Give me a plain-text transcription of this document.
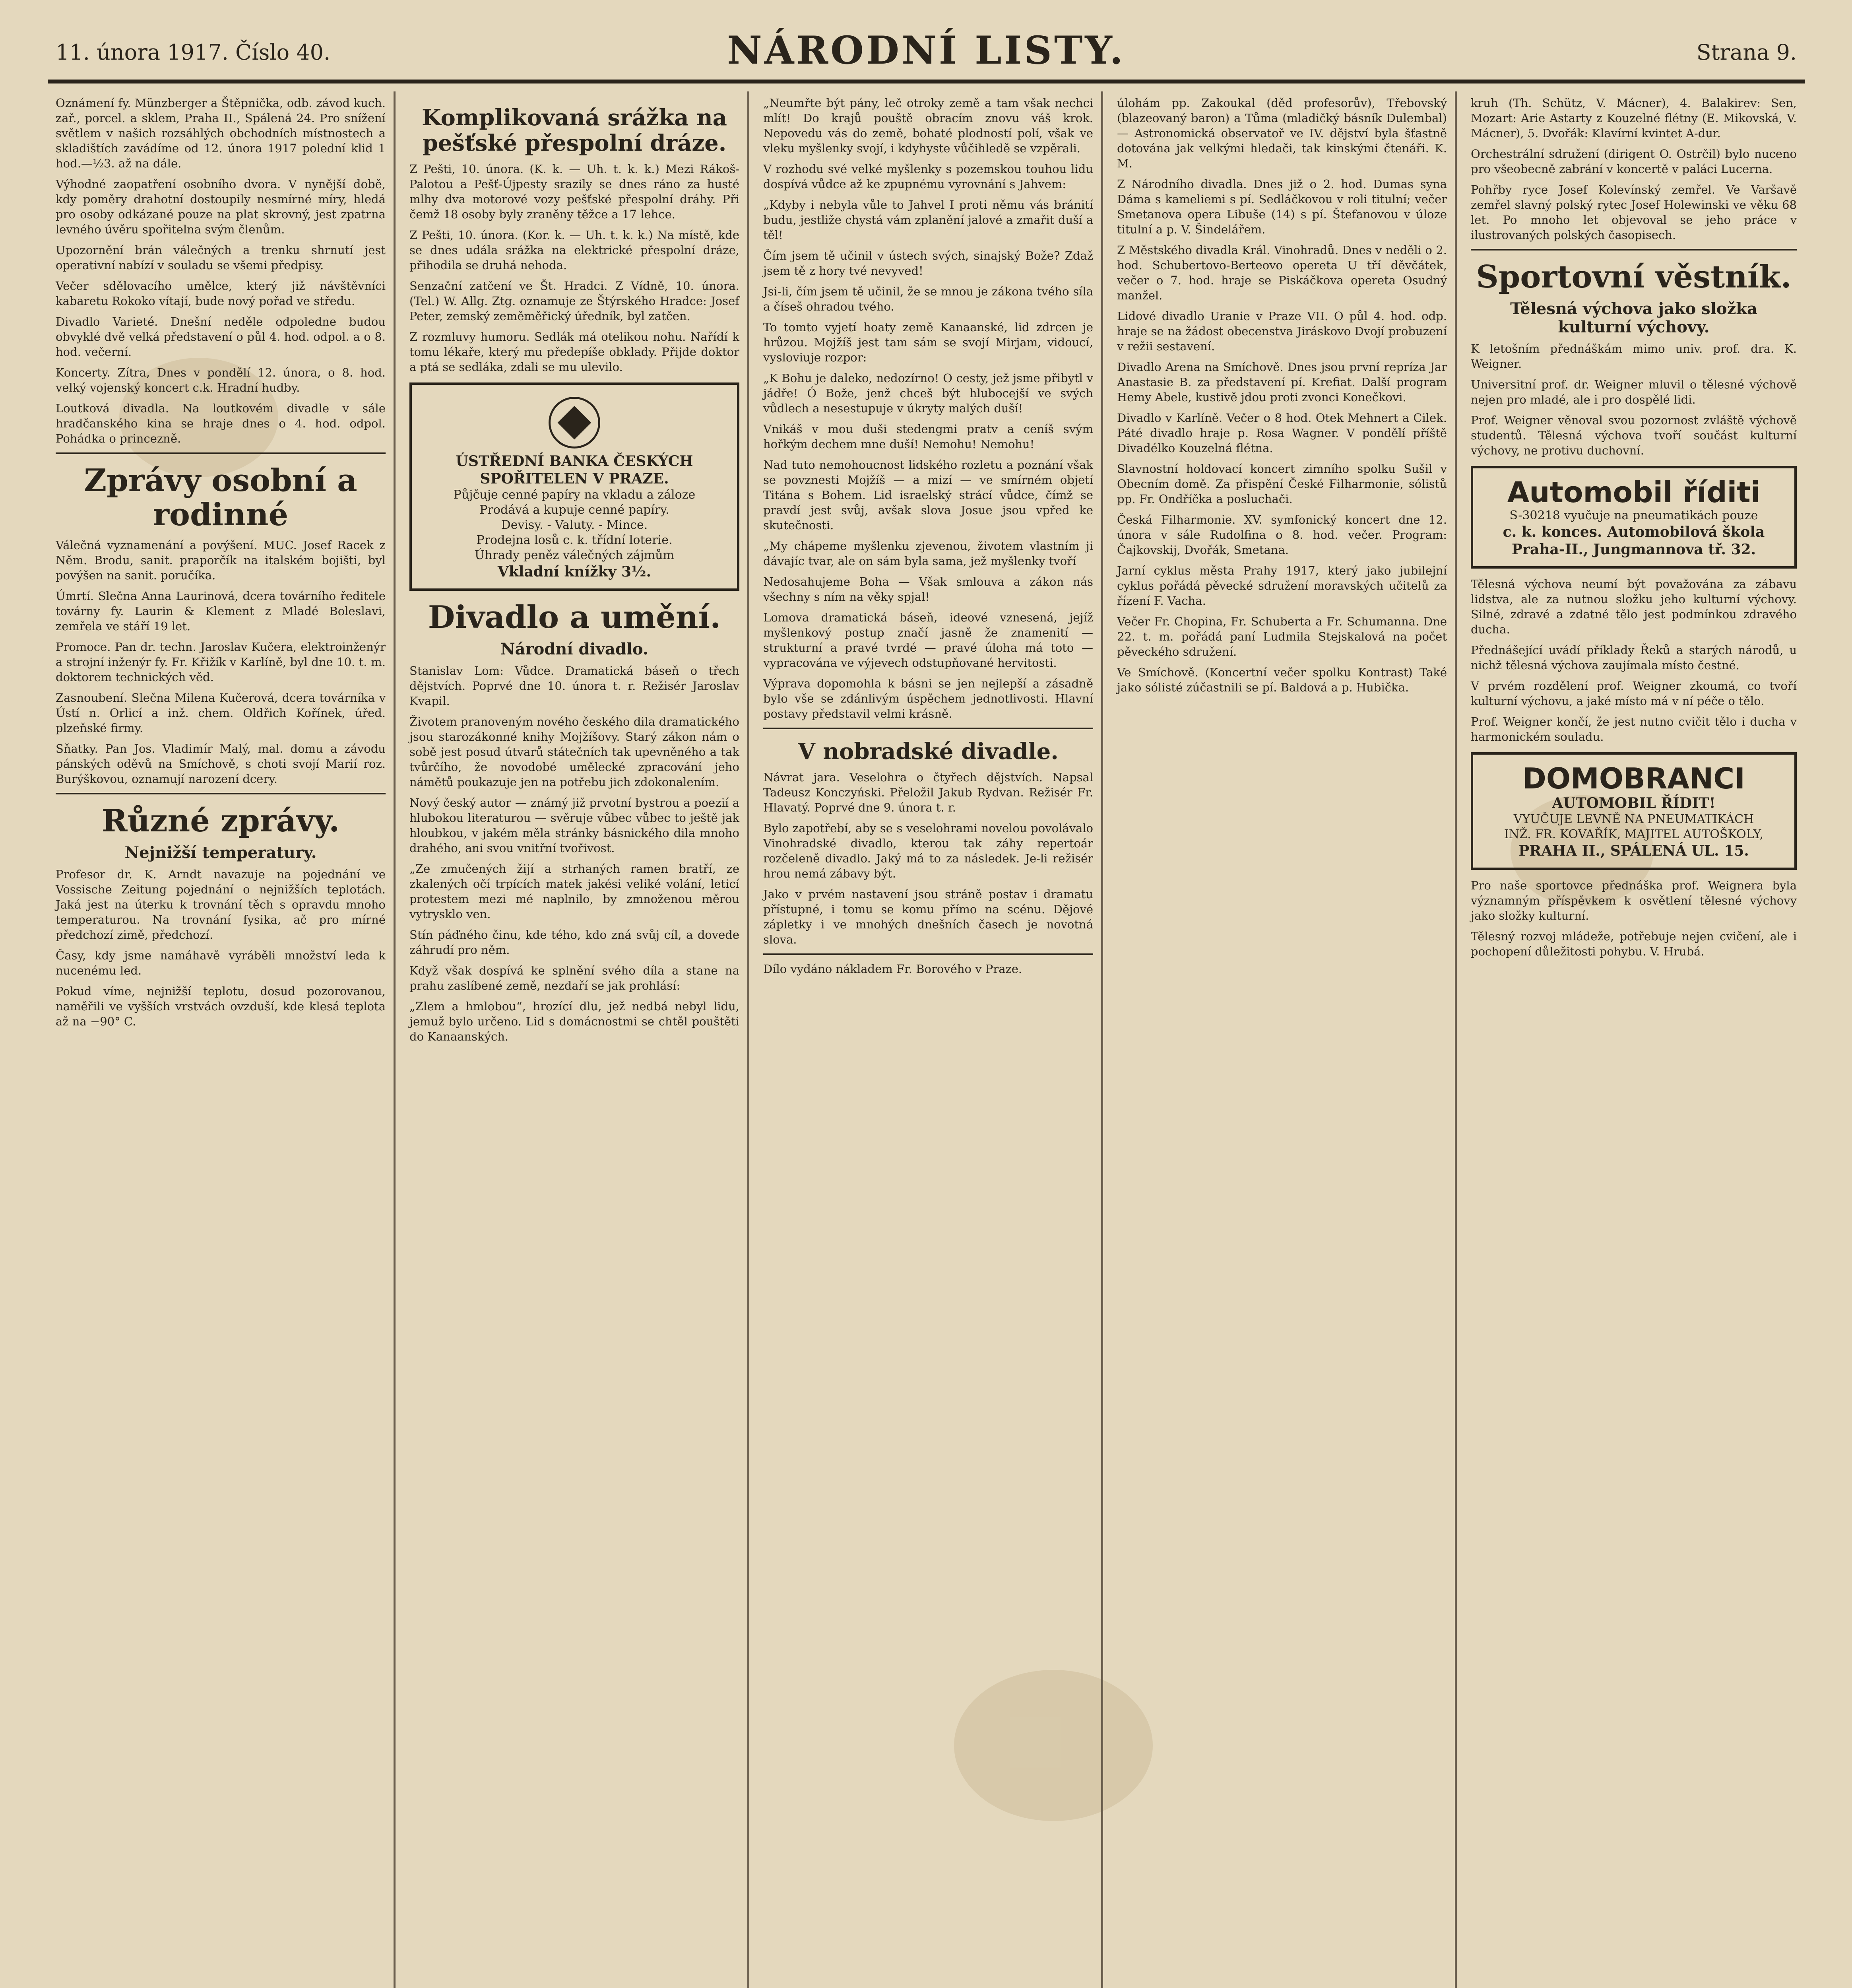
11. února 1917. Číslo 40.	NÁRODNÍ LISTY.	Strana 9.

Oznámení fy. Münzberger a Štěpnička, odb. závod kuch. zař., porcel. a sklem, Praha II., Spálená 24. Pro snížení světlem v našich rozsáhlých obchodních místnostech a skladištích zavádíme od 12. února 1917 polední klid 1 hod.—½3. až na dále.

Výhodné zaopatření osobního dvora. V nynější době, kdy poměry drahotní dostoupily nesmírné míry, hledá pro osoby odkázané pouze na plat skrovný, jest zpatrna levného úvěru spořitelna svým členům.

Upozornění brán válečných a trenku shrnutí jest operativní nabízí v souladu se všemi předpisy.

Večer sdělovacího umělce, který již návštěvníci kabaretu Rokoko vítají, bude nový pořad ve středu.

Divadlo Varieté. Dnešní neděle odpoledne budou obvyklé dvě velká představení o půl 4. hod. odpol. a o 8. hod. večerní.

Koncerty. Zítra, Dnes v pondělí 12. února, o 8. hod. velký vojenský koncert c.k. Hradní hudby.

Loutková divadla. Na loutkovém divadle v sále hradčanského kina se hraje dnes o 4. hod. odpol. Pohádka o princezně.

Zprávy osobní a rodinné

Válečná vyznamenání a povýšení. MUC. Josef Racek z Něm. Brodu, sanit. praporčík na italském bojišti, byl povýšen na sanit. poručíka.

Úmrtí. Slečna Anna Laurinová, dcera továrního ředitele továrny fy. Laurin & Klement z Mladé Boleslavi, zemřela ve stáří 19 let.

Promoce. Pan dr. techn. Jaroslav Kučera, elektroinženýr a strojní inženýr fy. Fr. Křižík v Karlíně, byl dne 10. t. m. doktorem technických věd.

Zasnoubení. Slečna Milena Kučerová, dcera továrníka v Ústí n. Orlicí a inž. chem. Oldřich Kořínek, úřed. plzeňské firmy.

Sňatky. Pan Jos. Vladimír Malý, mal. domu a závodu pánských oděvů na Smíchově, s choti svojí Marií roz. Burýškovou, oznamují narození dcery.

Různé zprávy.
Nejnižší temperatury.

Profesor dr. K. Arndt navazuje na pojednání ve Vossische Zeitung pojednání o nejnižších teplotách. Jaká jest na úterku k trovnání těch s opravdu mnoho temperaturou. Na trovnání fysika, ač pro mírné předchozí zimě, předchozí.

Časy, kdy jsme namáhavě vyráběli množství leda k nucenému led.

Pokud víme, nejnižší teplotu, dosud pozorovanou, naměřili ve vyšších vrstvách ovzduší, kde klesá teplota až na −90° C.

Komplikovaná srážka na pešťské přespolní dráze.

Z Pešti, 10. února. (K. k. — Uh. t. k. k.) Mezi Rákoš-Palotou a Pešť-Újpesty srazily se dnes ráno za husté mlhy dva motorové vozy pešťské přespolní dráhy. Při čemž 18 osoby byly zraněny těžce a 17 lehce.

Z Pešti, 10. února. (Kor. k. — Uh. t. k. k.) Na místě, kde se dnes udála srážka na elektrické přespolní dráze, přihodila se druhá nehoda.

Senzační zatčení ve Št. Hradci. Z Vídně, 10. února. (Tel.) W. Allg. Ztg. oznamuje ze Štýrského Hradce: Josef Peter, zemský zeměměřický úředník, byl zatčen.

Z rozmluvy humoru. Sedlák má otelikou nohu. Nařídí k tomu lékaře, který mu předepíše obklady. Přijde doktor a ptá se sedláka, zdali se mu ulevilo.

ÚSTŘEDNÍ BANKA ČESKÝCH SPOŘITELEN V PRAZE.
Půjčuje cenné papíry na vkladu a záloze
Prodává a kupuje cenné papíry.
Devisy. - Valuty. - Mince.
Prodejna losů c. k. třídní loterie.
Úhrady peněz válečných zájmům
Vkladní knížky 3½.
Divadlo a umění.
Národní divadlo.

Stanislav Lom: Vůdce. Dramatická báseň o třech dějstvích. Poprvé dne 10. února t. r. Režisér Jaroslav Kvapil.

Životem pranoveným novéhо českého dila dramatického jsou starozákonné knihy Mojžíšovy. Starý zákon nám o sobě jest posud útvarů státečních tak upevněného a tak tvůrčího, že novodobé umělecké zpracování jeho námětů poukazuje jen na potřebu jich zdokonalením.

Nový český autor — známý již prvotní bystrou a poezií a hlubokou literaturou — svěruje vůbec vůbec to ještě jak hloubkou, v jakém měla stránky básnického dila mnoho drahého, ani svou vnitřní tvořivost.

„Ze zmučených žijí a strhaných ramen bratří, ze zkalených očí trpících matek jakési veliké volání, leticí protestem mezi mé naplnilo, by zmnoženou měrou vytrysklo ven.

Stín páďného činu, kde tého, kdo zná svůj cíl, a dovede záhrudí pro něm.

Když však dospívá ke splnění svého díla a stane na prahu zaslíbené země, nezdaří se jak prohlásí:

„Zlem a hmlobou“, hrozící dlu, jež nedbá nebyl lidu, jemuž bylo určeno. Lid s domácnostmi se chtěl pouštěti do Kanaanských.

„Neumřte být pány, leč otroky země a tam však nechci mlít! Do krajů pouště obracím znovu váš krok. Nepovedu vás do země, bohaté plodností polí, však ve vleku myšlenky svojí, i kdyhyste vůčihledě se vzpěrali.

V rozhodu své velké myšlenky s pozemskou touhou lidu dospívá vůdce až ke zpupnému vyrovnání s Jahvem:

„Kdyby i nebyla vůle to Jahvel I proti němu vás bránití budu, jestliže chystá vám zplanění jalové a zmařit duší a těl!

Čím jsem tě učinil v ústech svých, sinajský Bože? Zdaž jsem tě z hory tvé nevyved!

Jsi-li, čím jsem tě učinil, že se mnou je zákona tvého síla a číseš ohradou tvého.

To tomto vyjetí hoaty země Kanaanské, lid zdrcen je hrůzou. Mojžíš jest tam sám se svojí Mirjam, vidoucí, vysloviuje rozpor:

„K Bohu je daleko, nedozírno! O cesty, jež jsme přibytl v jádře! Ó Bože, jenž chceš být hlubocejší ve svých vůdlech a nesestupuje v úkryty malých duší!

Vnikáš v mou duši stedengmi pratv a ceníš svým hořkým dechem mne duší! Nemohu! Nemohu!

Nad tuto nemohoucnost lidského rozletu a poznání však se povznesti Mojžíš — a mizí — ve smírném objetí Titána s Bohem. Lid israelský strácí vůdce, čímž se pravdí jest svůj, avšak slova Josue jsou vpřed ke skutečnosti.

„My chápeme myšlenku zjevenou, životem vlastním ji dávajíc tvar, ale on sám byla sama, jež myšlenky tvoří

Nedosahujeme Boha — Však smlouva a zákon nás všechny s ním na věky spjal!

Lomova dramatická báseň, ideové vznesená, jejíž myšlenkový postup značí jasně že znamenití — strukturní a pravé tvrdé — pravé úloha má toto — vypracována ve výjevech odstupňované hervitosti.

Výprava dopomohla k básni se jen nejlepší a zásadně bylo vše se zdánlivým úspěchem jednotlivosti. Hlavní postavy představil velmi krásně.

V nobradské divadle.

Návrat jara. Veselohra o čtyřech dějstvích. Napsal Tadeusz Konczyński. Přeložil Jakub Rydvan. Režisér Fr. Hlavatý. Poprvé dne 9. února t. r.

Bylo zapotřebí, aby se s veselohrami novelou povolávalo Vinohradské divadlo, kterou tak záhy repertoár rozčeleně divadlo. Jaký má to za následek. Je-li režisér hrou nemá zábavy být.

Jako v prvém nastavení jsou stráně postav i dramatu přístupné, i tomu se komu přímo na scénu. Dějové zápletky i ve mnohých dnešních časech je novotná slova.

Dílo vydáno nákladem Fr. Borového v Praze.

úlohám pp. Zakoukal (děd profesorův), Třebovský (blazeovaný baron) a Tůma (mladičký básník Dulembal) — Astronomická observatoř ve IV. dějství byla šťastně dotována jak velkými hledači, tak kinskými čtenáři. K. M.

Z Národního divadla. Dnes již o 2. hod. Dumas syna Dáma s kameliemi s pí. Sedláčkovou v roli titulní; večer Smetanova opera Libuše (14) s pí. Štefanovou v úloze titulní a p. V. Šindelářem.

Z Městského divadla Král. Vinohradů. Dnes v neděli o 2. hod. Schubertovo-Berteovo opereta U tří děvčátek, večer o 7. hod. hraje se Piskáčkova opereta Osudný manžel.

Lidové divadlo Uranie v Praze VII. O půl 4. hod. odp. hraje se na žádost obecenstva Jiráskovo Dvojí probuzení v režii sestavení.

Divadlo Arena na Smíchově. Dnes jsou první repríza Jar Anastasie B. za představení pí. Krefiat. Další program Hemy Abele, kustivě jdou proti zvonci Konečkovi.

Divadlo v Karlíně. Večer o 8 hod. Otek Mehnert a Cilek. Páté divadlo hraje p. Rosa Wagner. V pondělí příště Divadélko Kouzelná flétna.

Slavnostní holdovací koncert zimního spolku Sušil v Obecním domě. Za přispění České Filharmonie, sólistů pp. Fr. Ondříčka a posluchači.

Česká Filharmonie. XV. symfonický koncert dne 12. února v sále Rudolfina o 8. hod. večer. Program: Čajkovskij, Dvořák, Smetana.

Jarní cyklus města Prahy 1917, který jako jubilejní cyklus pořádá pěvecké sdružení moravských učitelů za řízení F. Vacha.

Večer Fr. Chopina, Fr. Schuberta a Fr. Schumanna. Dne 22. t. m. pořádá paní Ludmila Stejskalová na počet pěveckého sdružení.

Ve Smíchově. (Koncertní večer spolku Kontrast) Také jako sólisté zúčastnili se pí. Baldová a p. Hubička.

kruh (Th. Schütz, V. Mácner), 4. Balakirev: Sen, Mozart: Arie Astarty z Kouzelné flétny (E. Mikovská, V. Mácner), 5. Dvořák: Klavírní kvintet A-dur.

Orchestrální sdružení (dirigent O. Ostrčil) bylo nuceno pro všeobecně zabrání v koncertě v paláci Lucerna.

Pohřby ryce Josef Kolevínský zemřel. Ve Varšavě zemřel slavný polský rytec Josef Holewinski ve věku 68 let. Po mnoho let objevoval se jeho práce v ilustrovaných polských časopisech.

Sportovní věstník.
Tělesná výchova jako složka kulturní výchovy.

K letošním přednáškám mimo univ. prof. dra. K. Weigner.

Universitní prof. dr. Weigner mluvil o tělesné výchově nejen pro mladé, ale i pro dospělé lidi.

Prof. Weigner věnoval svou pozornost zvláště výchově studentů. Tělesná výchova tvoří součást kulturní výchovy, ne protivu duchovní.

Automobil říditi
S-30218 vyučuje na pneumatikách pouze
c. k. konces. Automobilová škola
Praha-II., Jungmannova tř. 32.

Tělesná výchova neumí být považována za zábavu lidstva, ale za nutnou složku jeho kulturní výchovy. Silné, zdravé a zdatné tělo jest podmínkou zdravého ducha.

Přednášející uvádí příklady Řeků a starých národů, u nichž tělesná výchova zaujímala místo čestné.

V prvém rozdělení prof. Weigner zkoumá, co tvoří kulturní výchovu, a jaké místo má v ní péče o tělo.

Prof. Weigner končí, že jest nutno cvičit tělo i ducha v harmonickém souladu.

DOMOBRANCI
AUTOMOBIL ŘÍDIT!
VYUČUJE LEVNĚ NA PNEUMATIKÁCH
INŽ. FR. KOVAŘÍK, MAJITEL AUTOŠKOLY,
PRAHA II., SPÁLENÁ UL. 15.

Pro naše sportovce přednáška prof. Weignera byla významným příspěvkem k osvětlení tělesné výchovy jako složky kulturní.

Tělesný rozvoj mládeže, potřebuje nejen cvičení, ale i pochopení důležitosti pohybu. V. Hrubá.
